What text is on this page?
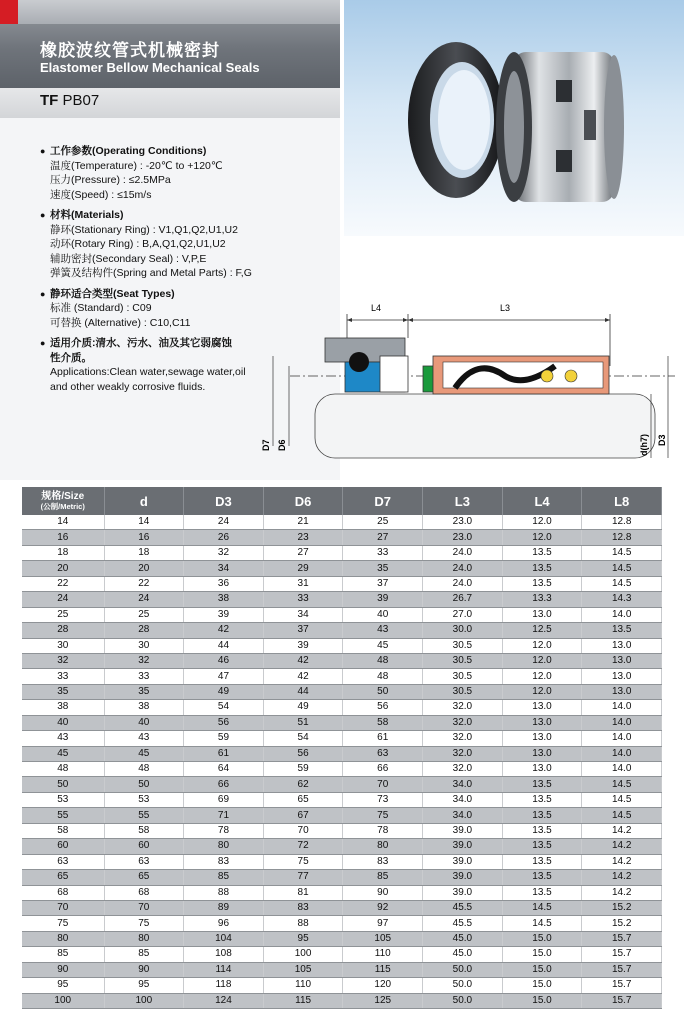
橡胶波纹管式机械密封
Elastomer Bellow Mechanical Seals
TF PB07
● 工作参数(Operating Conditions)
温度(Temperature) : -20℃ to +120℃
压力(Pressure) : ≤2.5MPa
速度(Speed) : ≤15m/s
● 材料(Materials)
静环(Stationary Ring) : V1,Q1,Q2,U1,U2
动环(Rotary Ring) : B,A,Q1,Q2,U1,U2
辅助密封(Secondary Seal) : V,P,E
弹簧及结构件(Spring and Metal Parts) : F,G
● 静环适合类型(Seat Types)
标准 (Standard) : C09
可替换 (Alternative) : C10,C11
● 适用介质:清水、污水、油及其它弱腐蚀
性介质。
Applications:Clean water,sewage water,oil
and other weakly corrosive fluids.
L4	L3
D7 D6	d(h7) D3
规格/Size
(公制/Metric)	d	D3	D6	D7	L3	L4	L8
14	14	24	21	25	23.0	12.0	12.8
16	16	26	23	27	23.0	12.0	12.8
18	18	32	27	33	24.0	13.5	14.5
20	20	34	29	35	24.0	13.5	14.5
22	22	36	31	37	24.0	13.5	14.5
24	24	38	33	39	26.7	13.3	14.3
25	25	39	34	40	27.0	13.0	14.0
28	28	42	37	43	30.0	12.5	13.5
30	30	44	39	45	30.5	12.0	13.0
32	32	46	42	48	30.5	12.0	13.0
33	33	47	42	48	30.5	12.0	13.0
35	35	49	44	50	30.5	12.0	13.0
38	38	54	49	56	32.0	13.0	14.0
40	40	56	51	58	32.0	13.0	14.0
43	43	59	54	61	32.0	13.0	14.0
45	45	61	56	63	32.0	13.0	14.0
48	48	64	59	66	32.0	13.0	14.0
50	50	66	62	70	34.0	13.5	14.5
53	53	69	65	73	34.0	13.5	14.5
55	55	71	67	75	34.0	13.5	14.5
58	58	78	70	78	39.0	13.5	14.2
60	60	80	72	80	39.0	13.5	14.2
63	63	83	75	83	39.0	13.5	14.2
65	65	85	77	85	39.0	13.5	14.2
68	68	88	81	90	39.0	13.5	14.2
70	70	89	83	92	45.5	14.5	15.2
75	75	96	88	97	45.5	14.5	15.2
80	80	104	95	105	45.0	15.0	15.7
85	85	108	100	110	45.0	15.0	15.7
90	90	114	105	115	50.0	15.0	15.7
95	95	118	110	120	50.0	15.0	15.7
100	100	124	115	125	50.0	15.0	15.7
